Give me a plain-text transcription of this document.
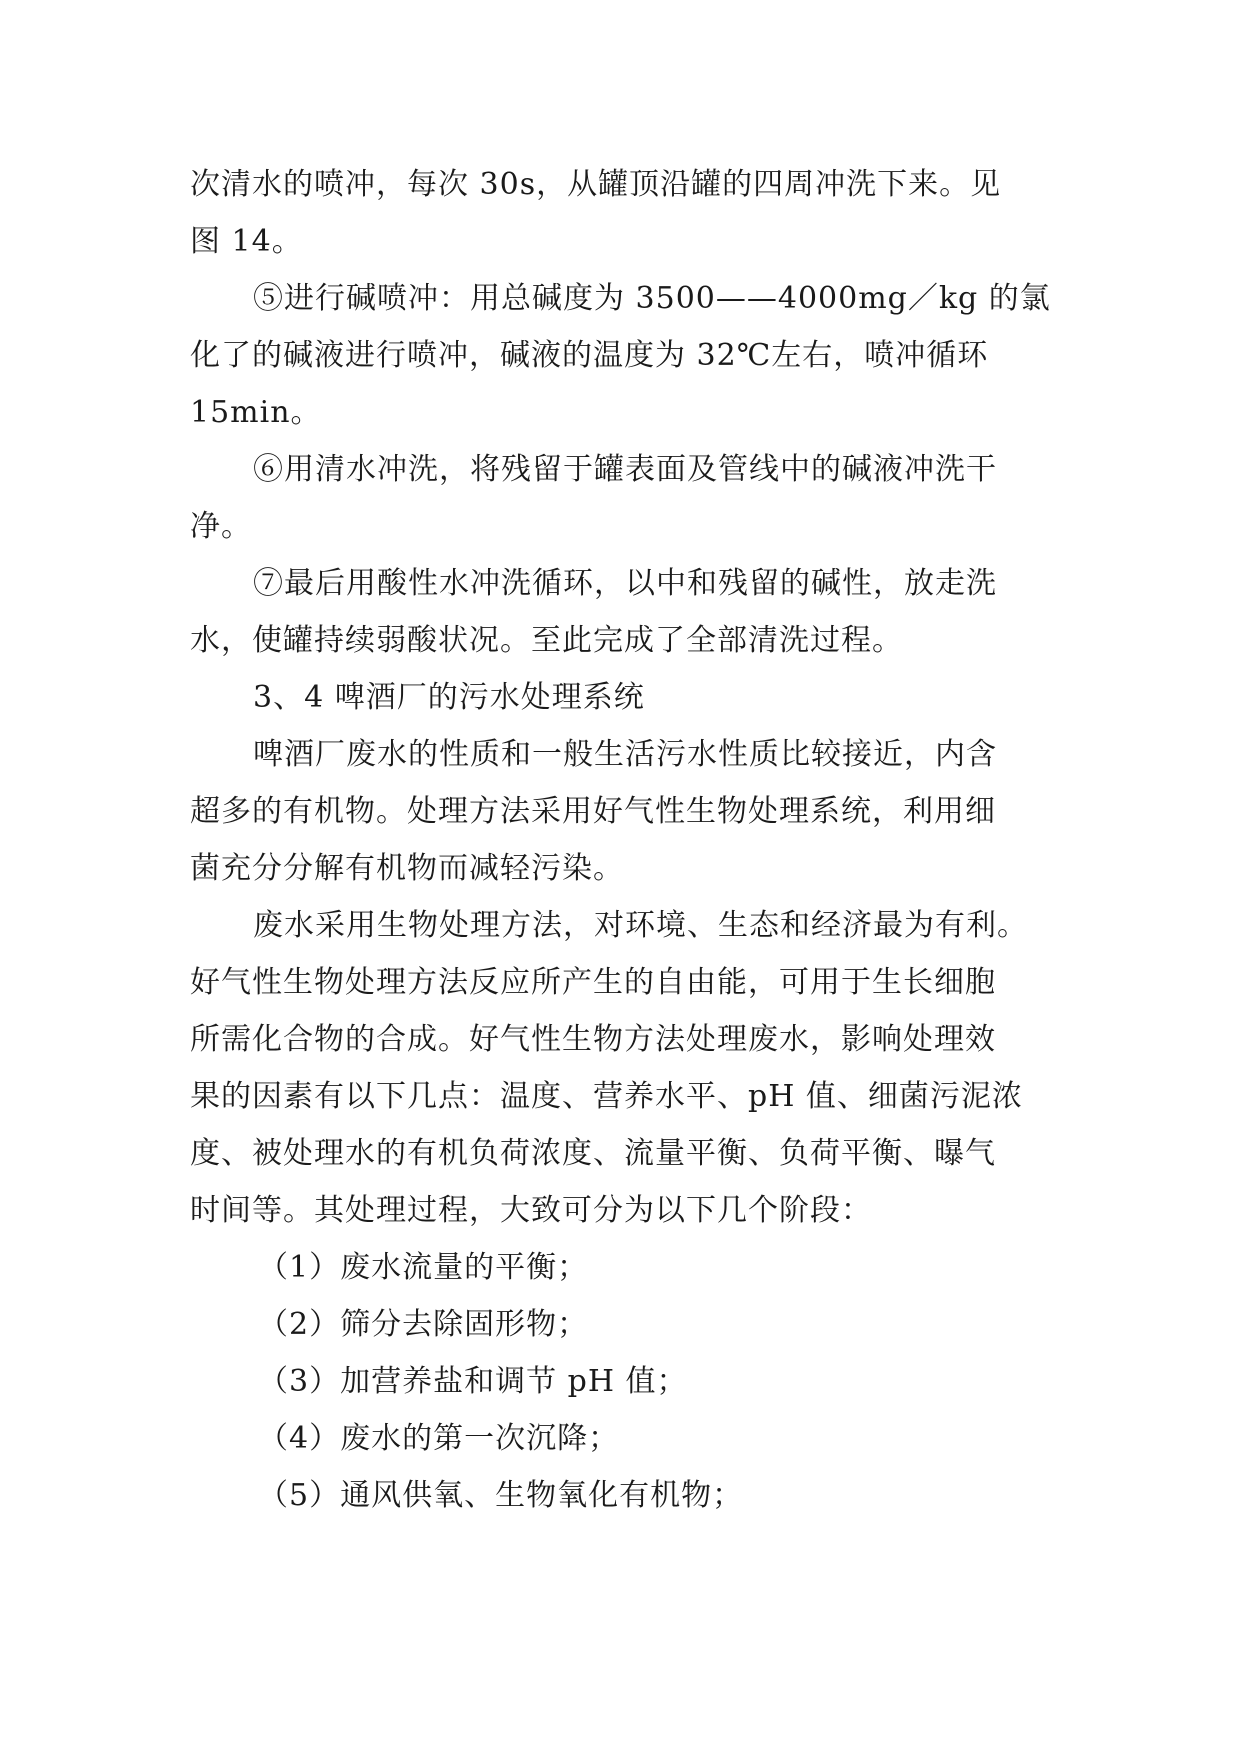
次清水的喷冲，每次 30s，从罐顶沿罐的四周冲洗下来。见
图 14。
⑤进行碱喷冲：用总碱度为 3500——4000mg／kg 的氯
化了的碱液进行喷冲，碱液的温度为 32℃左右，喷冲循环
15min。
⑥用清水冲洗，将残留于罐表面及管线中的碱液冲洗干
净。
⑦最后用酸性水冲洗循环，以中和残留的碱性，放走洗
水，使罐持续弱酸状况。至此完成了全部清洗过程。
3、4 啤酒厂的污水处理系统
啤酒厂废水的性质和一般生活污水性质比较接近，内含
超多的有机物。处理方法采用好气性生物处理系统，利用细
菌充分分解有机物而减轻污染。
废水采用生物处理方法，对环境、生态和经济最为有利。
好气性生物处理方法反应所产生的自由能，可用于生长细胞
所需化合物的合成。好气性生物方法处理废水，影响处理效
果的因素有以下几点：温度、营养水平、pH 值、细菌污泥浓
度、被处理水的有机负荷浓度、流量平衡、负荷平衡、曝气
时间等。其处理过程，大致可分为以下几个阶段：
（1）废水流量的平衡；
（2）筛分去除固形物；
（3）加营养盐和调节 pH 值；
（4）废水的第一次沉降；
（5）通风供氧、生物氧化有机物；
